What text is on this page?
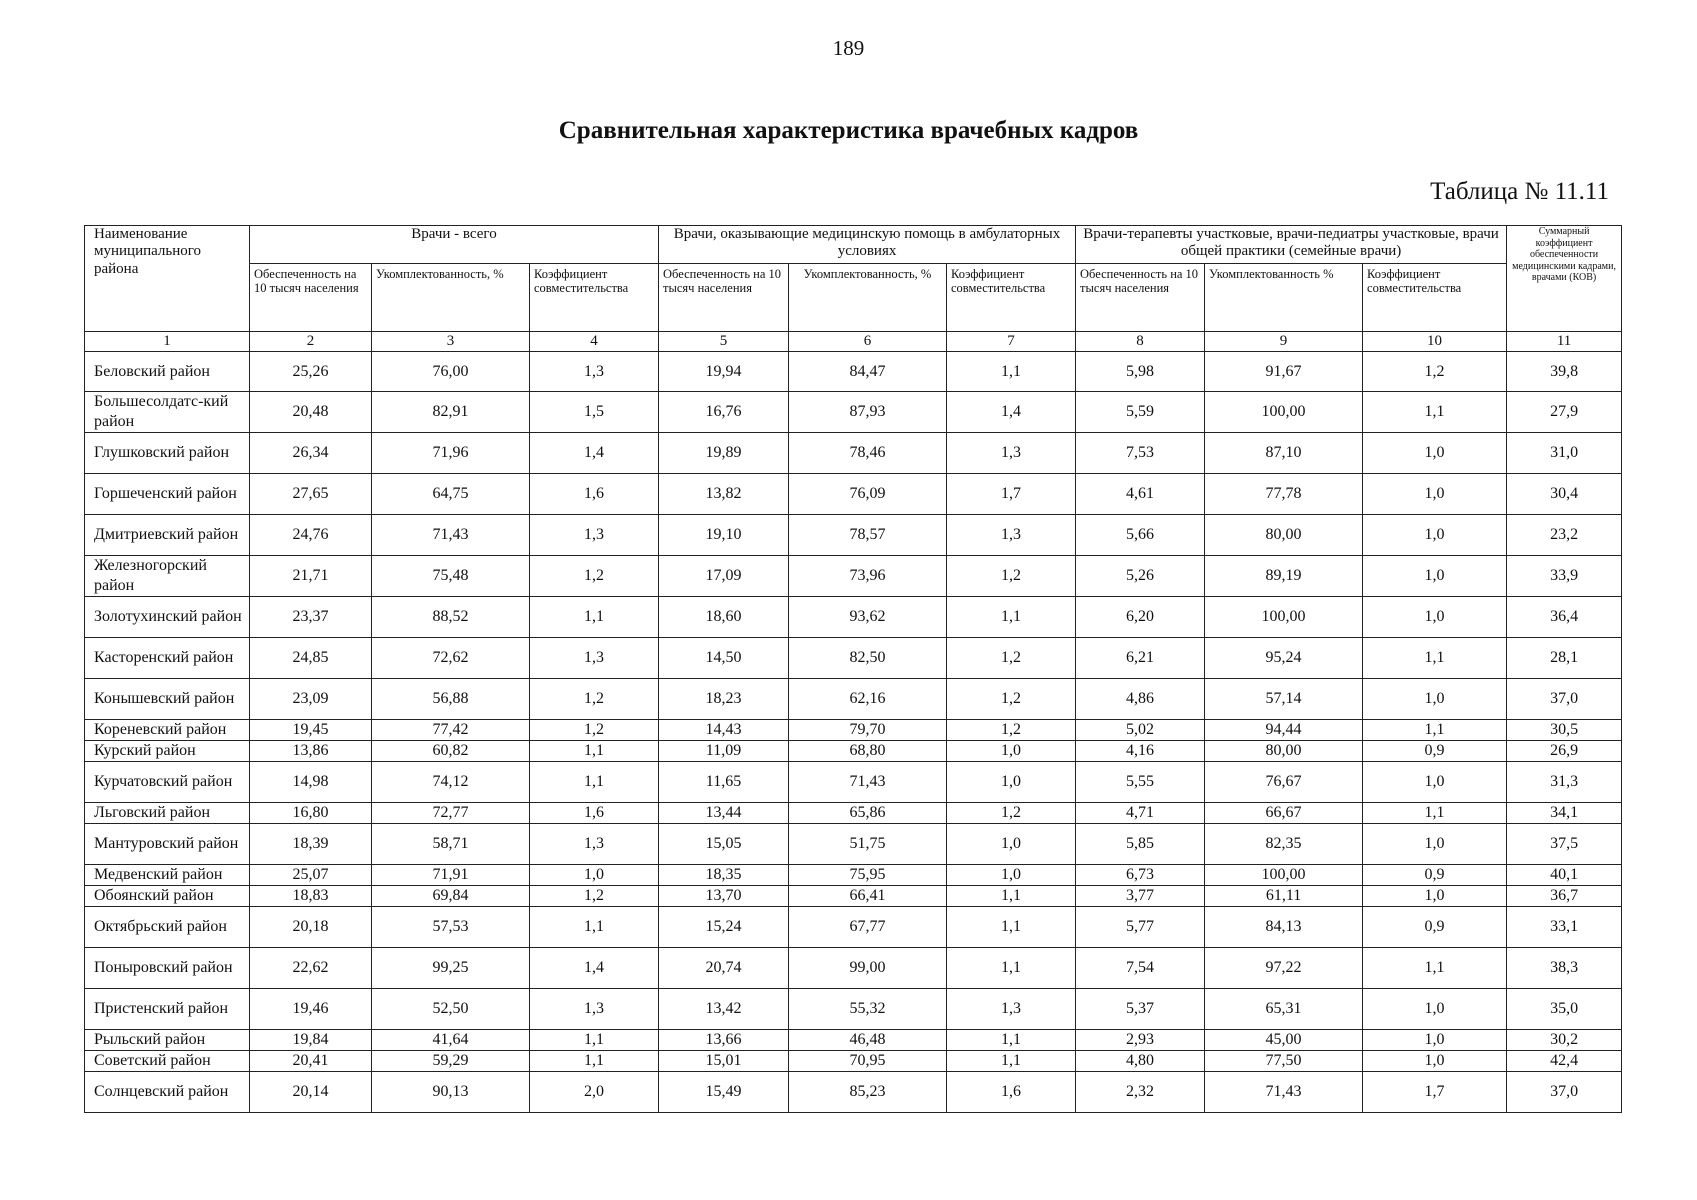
189
Сравнительная характеристика врачебных кадров
Таблица № 11.11
Наименование муниципального района	Врачи - всего			Врачи, оказывающие медицинскую помощь в амбулаторных условиях			Врачи-терапевты участковые, врачи-педиатры участковые, врачи общей практики (семейные врачи)			Суммарный коэффициент обеспеченности медицинскими кадрами, врачами (КОВ)
	Обеспеченность на 10 тысяч населения	Укомплектованность, %	Коэффициент совместительства	Обеспеченность на 10 тысяч населения	Укомплектованность, %	Коэффициент совместительства	Обеспеченность на 10 тысяч населения	Укомплектованность %	Коэффициент совместительства	
1	2	3	4	5	6	7	8	9	10	11
Беловский район	25,26	76,00	1,3	19,94	84,47	1,1	5,98	91,67	1,2	39,8
Большесолдатс-кий район	20,48	82,91	1,5	16,76	87,93	1,4	5,59	100,00	1,1	27,9
Глушковский район	26,34	71,96	1,4	19,89	78,46	1,3	7,53	87,10	1,0	31,0
Горшеченский район	27,65	64,75	1,6	13,82	76,09	1,7	4,61	77,78	1,0	30,4
Дмитриевский район	24,76	71,43	1,3	19,10	78,57	1,3	5,66	80,00	1,0	23,2
Железногорский район	21,71	75,48	1,2	17,09	73,96	1,2	5,26	89,19	1,0	33,9
Золотухинский район	23,37	88,52	1,1	18,60	93,62	1,1	6,20	100,00	1,0	36,4
Касторенский район	24,85	72,62	1,3	14,50	82,50	1,2	6,21	95,24	1,1	28,1
Конышевский район	23,09	56,88	1,2	18,23	62,16	1,2	4,86	57,14	1,0	37,0
Кореневский район	19,45	77,42	1,2	14,43	79,70	1,2	5,02	94,44	1,1	30,5
Курский район	13,86	60,82	1,1	11,09	68,80	1,0	4,16	80,00	0,9	26,9
Курчатовский район	14,98	74,12	1,1	11,65	71,43	1,0	5,55	76,67	1,0	31,3
Льговский район	16,80	72,77	1,6	13,44	65,86	1,2	4,71	66,67	1,1	34,1
Мантуровский район	18,39	58,71	1,3	15,05	51,75	1,0	5,85	82,35	1,0	37,5
Медвенский район	25,07	71,91	1,0	18,35	75,95	1,0	6,73	100,00	0,9	40,1
Обоянский район	18,83	69,84	1,2	13,70	66,41	1,1	3,77	61,11	1,0	36,7
Октябрьский район	20,18	57,53	1,1	15,24	67,77	1,1	5,77	84,13	0,9	33,1
Поныровский район	22,62	99,25	1,4	20,74	99,00	1,1	7,54	97,22	1,1	38,3
Пристенский район	19,46	52,50	1,3	13,42	55,32	1,3	5,37	65,31	1,0	35,0
Рыльский район	19,84	41,64	1,1	13,66	46,48	1,1	2,93	45,00	1,0	30,2
Советский район	20,41	59,29	1,1	15,01	70,95	1,1	4,80	77,50	1,0	42,4
Солнцевский район	20,14	90,13	2,0	15,49	85,23	1,6	2,32	71,43	1,7	37,0
